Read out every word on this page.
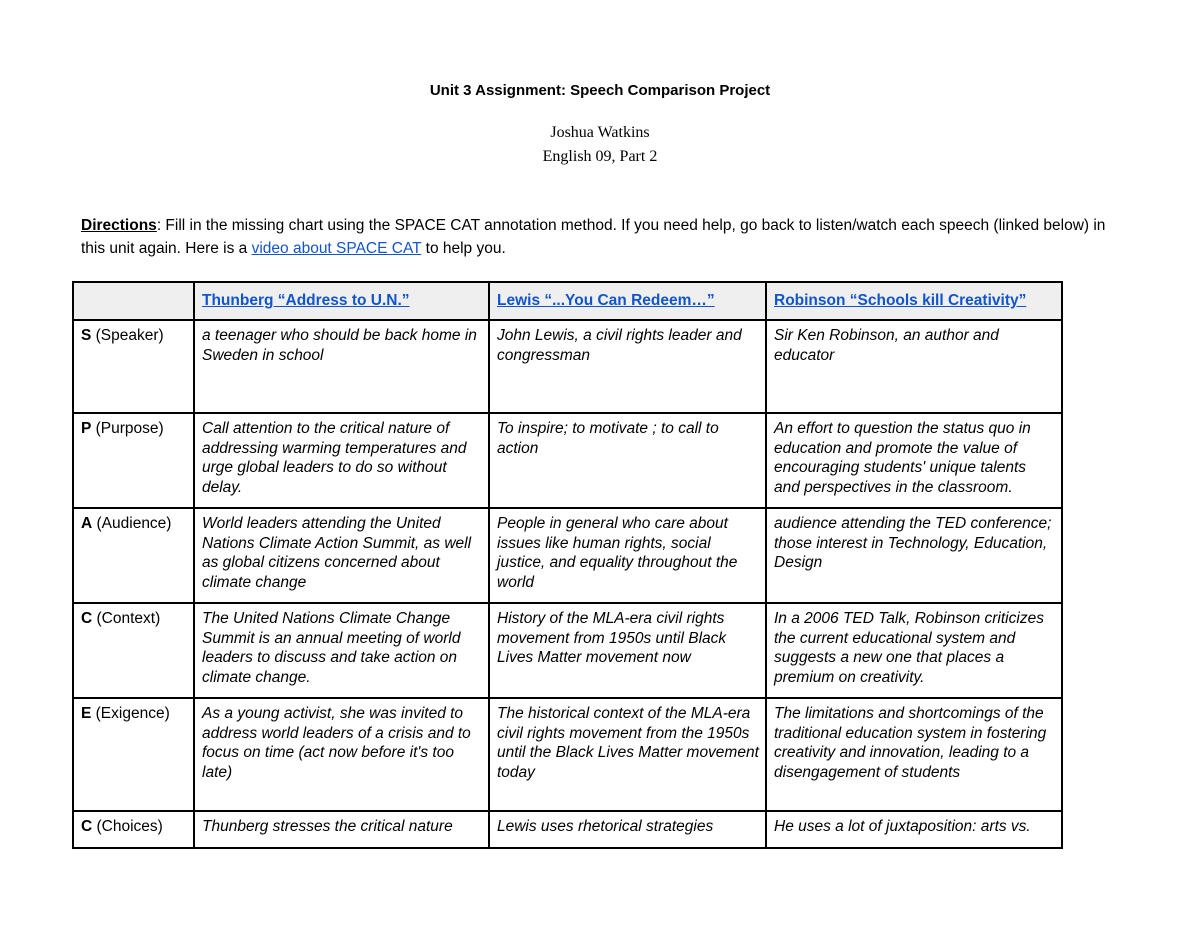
Unit 3 Assignment: Speech Comparison Project
Joshua Watkins
English 09, Part 2
Directions: Fill in the missing chart using the SPACE CAT annotation method. If you need help, go back to listen/watch each speech (linked below) in this unit again. Here is a video about SPACE CAT to help you.
	Thunberg “Address to U.N.”	Lewis “...You Can Redeem…”	Robinson “Schools kill Creativity”
S (Speaker)	a teenager who should be back home in Sweden in school	John Lewis, a civil rights leader and congressman	Sir Ken Robinson, an author and educator
P (Purpose)	Call attention to the critical nature of addressing warming temperatures and urge global leaders to do so without delay.	To inspire; to motivate ; to call to action	An effort to question the status quo in education and promote the value of encouraging students' unique talents and perspectives in the classroom.
A (Audience)	World leaders attending the United Nations Climate Action Summit, as well as global citizens concerned about climate change	People in general who care about issues like human rights, social justice, and equality throughout the world	audience attending the TED conference; those interest in Technology, Education, Design
C (Context)	The United Nations Climate Change Summit is an annual meeting of world leaders to discuss and take action on climate change.	History of the MLA-era civil rights movement from 1950s until Black Lives Matter movement now	In a 2006 TED Talk, Robinson criticizes the current educational system and suggests a new one that places a premium on creativity.
E (Exigence)	As a young activist, she was invited to address world leaders of a crisis and to focus on time (act now before it's too late)	The historical context of the MLA-era civil rights movement from the 1950s until the Black Lives Matter movement today	The limitations and shortcomings of the traditional education system in fostering creativity and innovation, leading to a disengagement of students
C (Choices)	Thunberg stresses the critical nature	Lewis uses rhetorical strategies	He uses a lot of juxtaposition: arts vs.
